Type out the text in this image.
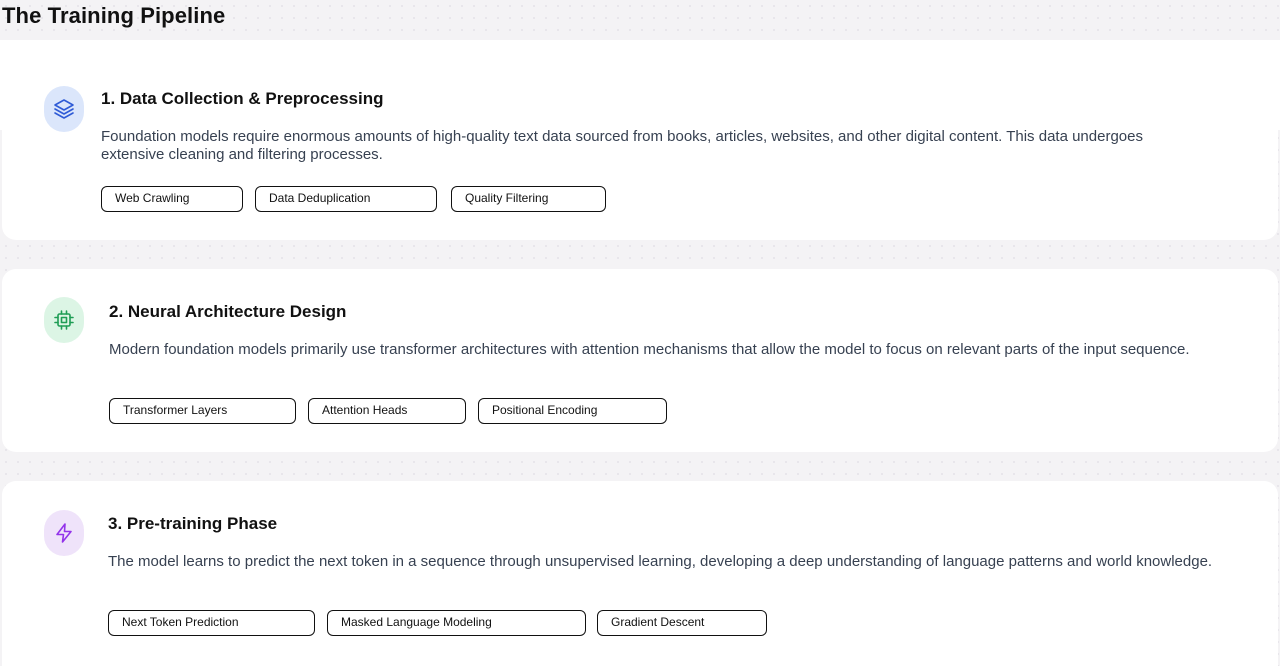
The Training Pipeline
1. Data Collection & Preprocessing

Foundation models require enormous amounts of high-quality text data sourced from books, articles, websites, and other digital content. This data undergoes extensive cleaning and filtering processes.

Web Crawling	Data Deduplication	Quality Filtering
2. Neural Architecture Design

Modern foundation models primarily use transformer architectures with attention mechanisms that allow the model to focus on relevant parts of the input sequence.

Transformer Layers	Attention Heads	Positional Encoding
3. Pre-training Phase

The model learns to predict the next token in a sequence through unsupervised learning, developing a deep understanding of language patterns and world knowledge.

Next Token Prediction	Masked Language Modeling	Gradient Descent
